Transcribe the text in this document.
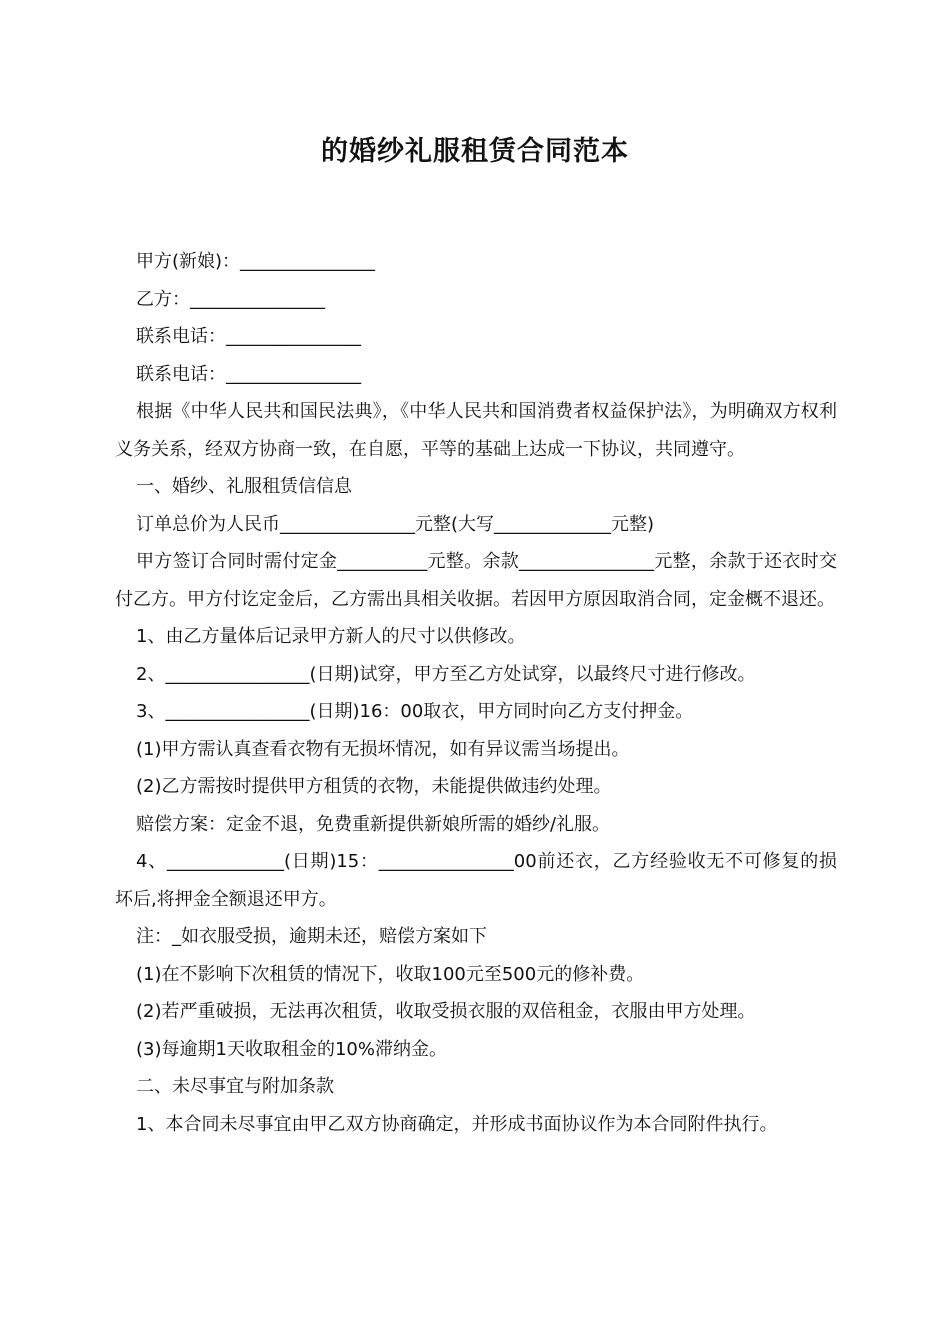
的婚纱礼服租赁合同范本

甲方(新娘)：_______________

乙方：_______________

联系电话：_______________

联系电话：_______________

根据《中华人民共和国民法典》，《中华人民共和国消费者权益保护法》，为明确双方权利义务关系，经双方协商一致，在自愿，平等的基础上达成一下协议，共同遵守。

一、婚纱、礼服租赁信信息

订单总价为人民币_______________元整(大写_____________元整)

甲方签订合同时需付定金__________元整。余款_______________元整，余款于还衣时交付乙方。甲方付讫定金后，乙方需出具相关收据。若因甲方原因取消合同，定金概不退还。

1、由乙方量体后记录甲方新人的尺寸以供修改。

2、________________(日期)试穿，甲方至乙方处试穿，以最终尺寸进行修改。

3、________________(日期)16：00取衣，甲方同时向乙方支付押金。

(1)甲方需认真查看衣物有无损坏情况，如有异议需当场提出。

(2)乙方需按时提供甲方租赁的衣物，未能提供做违约处理。

赔偿方案：定金不退，免费重新提供新娘所需的婚纱/礼服。

4、_____________(日期)15：_______________00前还衣，乙方经验收无不可修复的损坏后,将押金全额退还甲方。

注：_如衣服受损，逾期未还，赔偿方案如下

(1)在不影响下次租赁的情况下，收取100元至500元的修补费。

(2)若严重破损，无法再次租赁，收取受损衣服的双倍租金，衣服由甲方处理。

(3)每逾期1天收取租金的10%滞纳金。

二、未尽事宜与附加条款

1、本合同未尽事宜由甲乙双方协商确定，并形成书面协议作为本合同附件执行。
